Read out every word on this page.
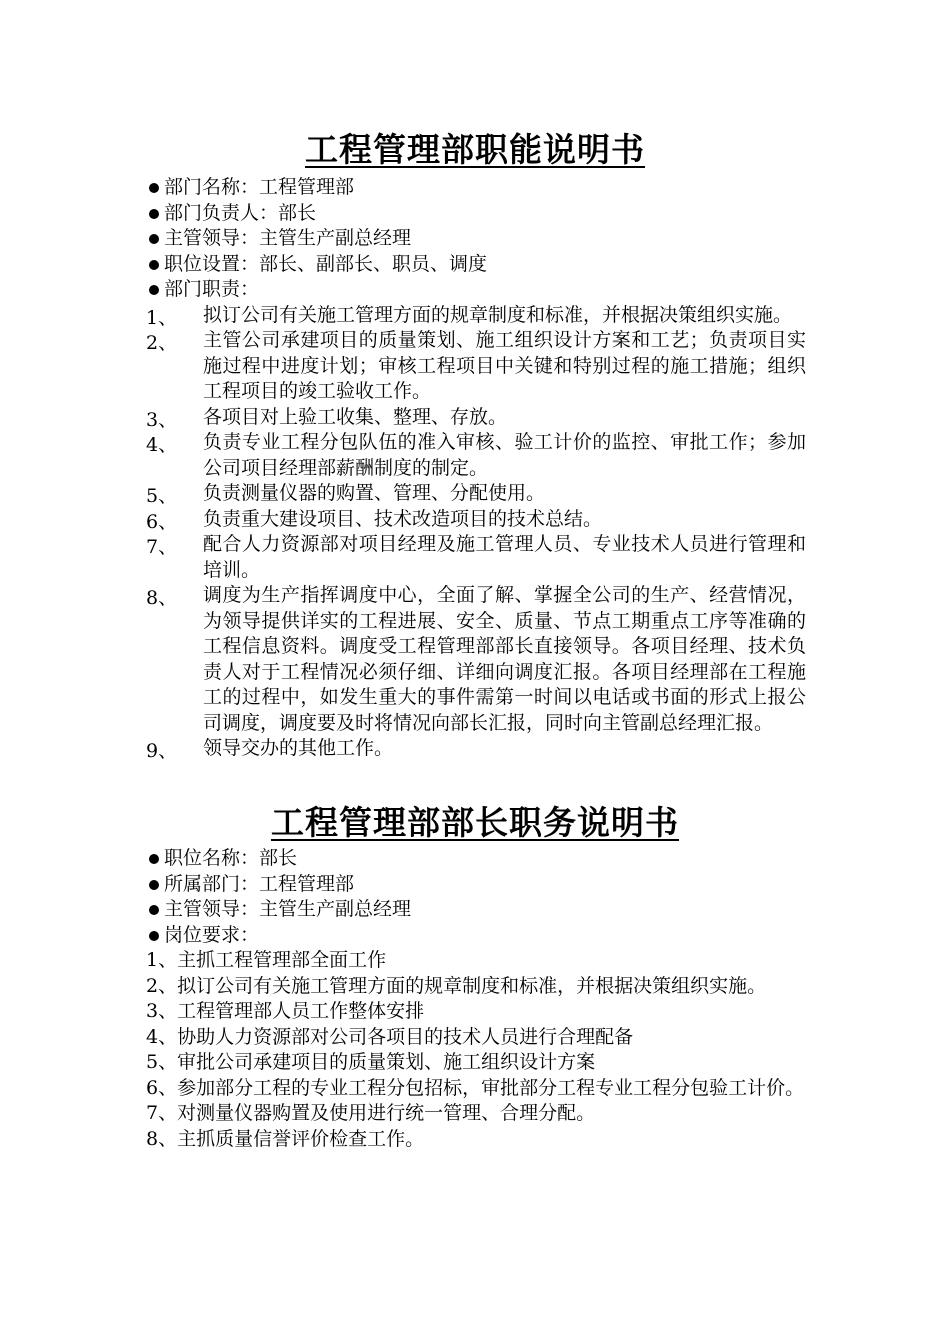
工程管理部职能说明书
部门名称：工程管理部
部门负责人：部长
主管领导：主管生产副总经理
职位设置：部长、副部长、职员、调度
部门职责：
1、	拟订公司有关施工管理方面的规章制度和标准，并根据决策组织实施。
2、	主管公司承建项目的质量策划、施工组织设计方案和工艺；负责项目实施过程中进度计划；审核工程项目中关键和特别过程的施工措施；组织工程项目的竣工验收工作。
3、	各项目对上验工收集、整理、存放。
4、	负责专业工程分包队伍的准入审核、验工计价的监控、审批工作；参加公司项目经理部薪酬制度的制定。
5、	负责测量仪器的购置、管理、分配使用。
6、	负责重大建设项目、技术改造项目的技术总结。
7、	配合人力资源部对项目经理及施工管理人员、专业技术人员进行管理和培训。
8、	调度为生产指挥调度中心，全面了解、掌握全公司的生产、经营情况，为领导提供详实的工程进展、安全、质量、节点工期重点工序等准确的工程信息资料。调度受工程管理部部长直接领导。各项目经理、技术负责人对于工程情况必须仔细、详细向调度汇报。各项目经理部在工程施工的过程中，如发生重大的事件需第一时间以电话或书面的形式上报公司调度，调度要及时将情况向部长汇报，同时向主管副总经理汇报。
9、	领导交办的其他工作。
工程管理部部长职务说明书
职位名称：部长
所属部门：工程管理部
主管领导：主管生产副总经理
岗位要求：
1、主抓工程管理部全面工作
2、拟订公司有关施工管理方面的规章制度和标准，并根据决策组织实施。
3、工程管理部人员工作整体安排
4、协助人力资源部对公司各项目的技术人员进行合理配备
5、审批公司承建项目的质量策划、施工组织设计方案
6、参加部分工程的专业工程分包招标，审批部分工程专业工程分包验工计价。
7、对测量仪器购置及使用进行统一管理、合理分配。
8、主抓质量信誉评价检查工作。
